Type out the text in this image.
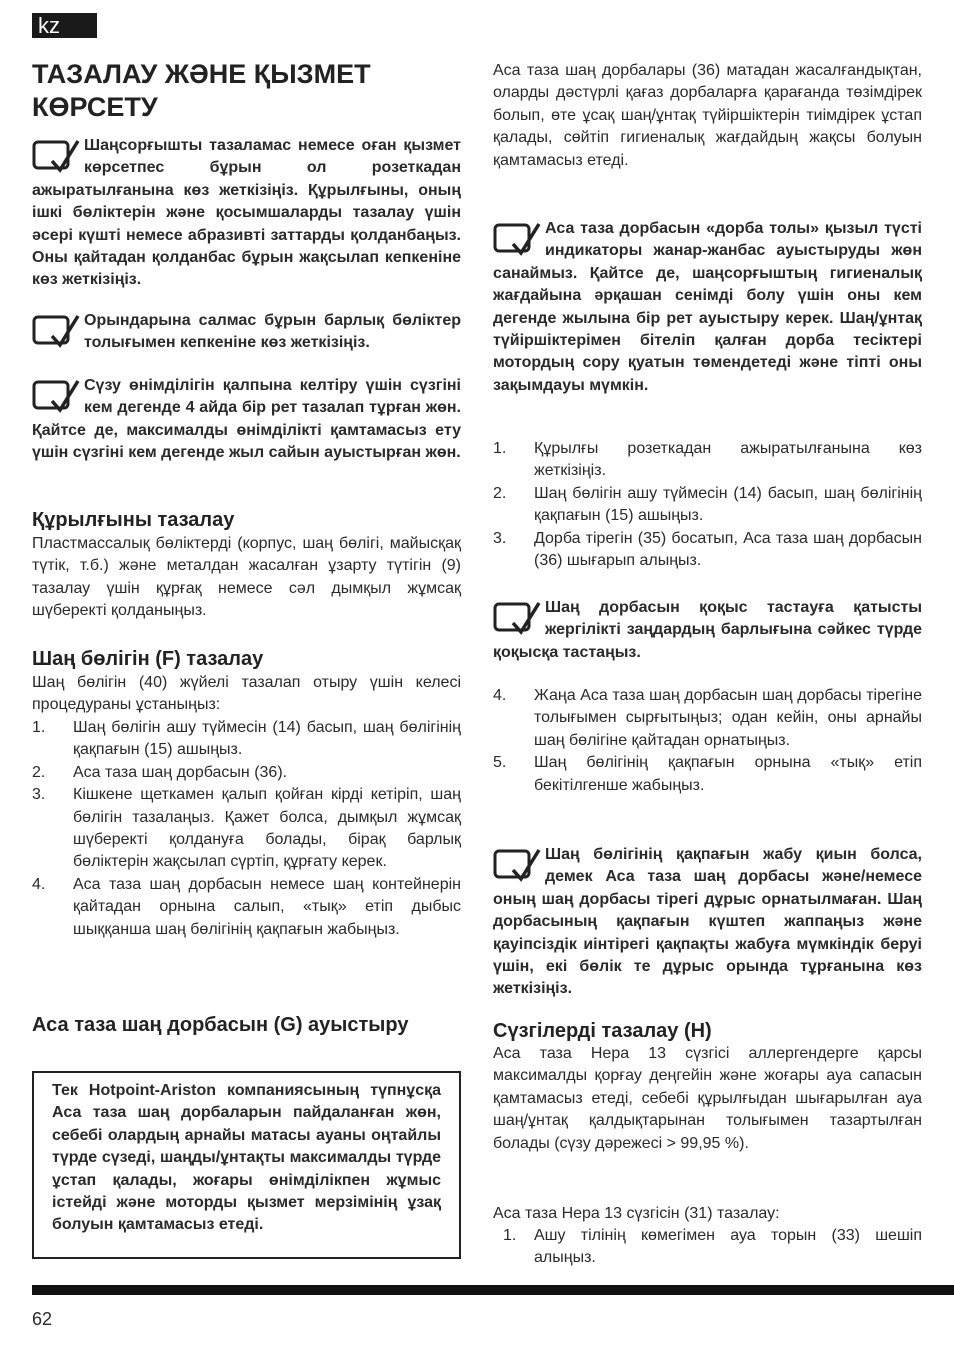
kz
ТАЗАЛАУ ЖӘНЕ ҚЫЗМЕТ КӨРСЕТУ

Шаңсорғышты тазаламас немесе оған қызмет көрсетпес бұрын ол розеткадан ажыратылғанына көз жеткізіңіз. Құрылғыны, оның ішкі бөліктерін және қосымшаларды тазалау үшін әсері күшті немесе абразивті заттарды қолданбаңыз. Оны қайтадан қолданбас бұрын жақсылап кепкеніне көз жеткізіңіз.

Орындарына салмас бұрын барлық бөліктер толығымен кепкеніне көз жеткізіңіз.

Сүзу өнімділігін қалпына келтіру үшін сүзгіні кем дегенде 4 айда бір рет тазалап тұрған жөн. Қайтсе де, максималды өнімділікті қамтамасыз ету үшін сүзгіні кем дегенде жыл сайын ауыстырған жөн.

Құрылғыны тазалау

Пластмассалық бөліктерді (корпус, шаң бөлігі, майысқақ түтік, т.б.) және металдан жасалған ұзарту түтігін (9) тазалау үшін құрғақ немесе сәл дымқыл жұмсақ шүберекті қолданыңыз.

Шаң бөлігін (F) тазалау

Шаң бөлігін (40) жүйелі тазалап отыру үшін келесі процедураны ұстаныңыз:

1. Шаң бөлігін ашу түймесін (14) басып, шаң бөлігінің қақпағын (15) ашыңыз.
2. Аса таза шаң дорбасын (36).
3. Кішкене щеткамен қалып қойған кірді кетіріп, шаң бөлігін тазалаңыз. Қажет болса, дымқыл жұмсақ шүберекті қолдануға болады, бірақ барлық бөліктерін жақсылап сүртіп, құрғату керек.
4. Аса таза шаң дорбасын немесе шаң контейнерін қайтадан орнына салып, «тық» етіп дыбыс шыққанша шаң бөлігінің қақпағын жабыңыз.
Аса таза шаң дорбасын (G) ауыстыру
Тек Hotpoint-Ariston компаниясының түпнұсқа Аса таза шаң дорбаларын пайдаланған жөн, себебі олардың арнайы матасы ауаны оңтайлы түрде сүзеді, шаңды/ұнтақты максималды түрде ұстап қалады, жоғары өнімділікпен жұмыс істейді және моторды қызмет мерзімінің ұзақ болуын қамтамасыз етеді.

Аса таза шаң дорбалары (36) матадан жасалғандықтан, оларды дәстүрлі қағаз дорбаларға қарағанда төзімдірек болып, өте ұсақ шаң/ұнтақ түйіршіктерін тиімдірек ұстап қалады, сөйтіп гигиеналық жағдайдың жақсы болуын қамтамасыз етеді.

Аса таза дорбасын «дорба толы» қызыл түсті индикаторы жанар-жанбас ауыстыруды жөн санаймыз. Қайтсе де, шаңсорғыштың гигиеналық жағдайына әрқашан сенімді болу үшін оны кем дегенде жылына бір рет ауыстыру керек. Шаң/ұнтақ түйіршіктерімен бітеліп қалған дорба тесіктері мотордың сору қуатын төмендетеді және тіпті оны зақымдауы мүмкін.

1. Құрылғы розеткадан ажыратылғанына көз жеткізіңіз.
2. Шаң бөлігін ашу түймесін (14) басып, шаң бөлігінің қақпағын (15) ашыңыз.
3. Дорба тірегін (35) босатып, Аса таза шаң дорбасын (36) шығарып алыңыз.

Шаң дорбасын қоқыс тастауға қатысты жергілікті заңдардың барлығына сәйкес түрде қоқысқа тастаңыз.

4. Жаңа Аса таза шаң дорбасын шаң дорбасы тірегіне толығымен сырғытыңыз; одан кейін, оны арнайы шаң бөлігіне қайтадан орнатыңыз.
5. Шаң бөлігінің қақпағын орнына «тық» етіп бекітілгенше жабыңыз.

Шаң бөлігінің қақпағын жабу қиын болса, демек Аса таза шаң дорбасы және/немесе оның шаң дорбасы тірегі дұрыс орнатылмаған. Шаң дорбасының қақпағын күштеп жаппаңыз және қауіпсіздік иінтірегі қақпақты жабуға мүмкіндік беруі үшін, екі бөлік те дұрыс орында тұрғанына көз жеткізіңіз.

Сүзгілерді тазалау (H)

Аса таза Hepa 13 сүзгісі аллергендерге қарсы максималды қорғау деңгейін және жоғары ауа сапасын қамтамасыз етеді, себебі құрылғыдан шығарылған ауа шаң/ұнтақ қалдықтарынан толығымен тазартылған болады (сүзу дәрежесі > 99,95 %).

Аса таза Hepa 13 сүзгісін (31) тазалау:

1. Ашу тілінің көмегімен ауа торын (33) шешіп алыңыз.
62
